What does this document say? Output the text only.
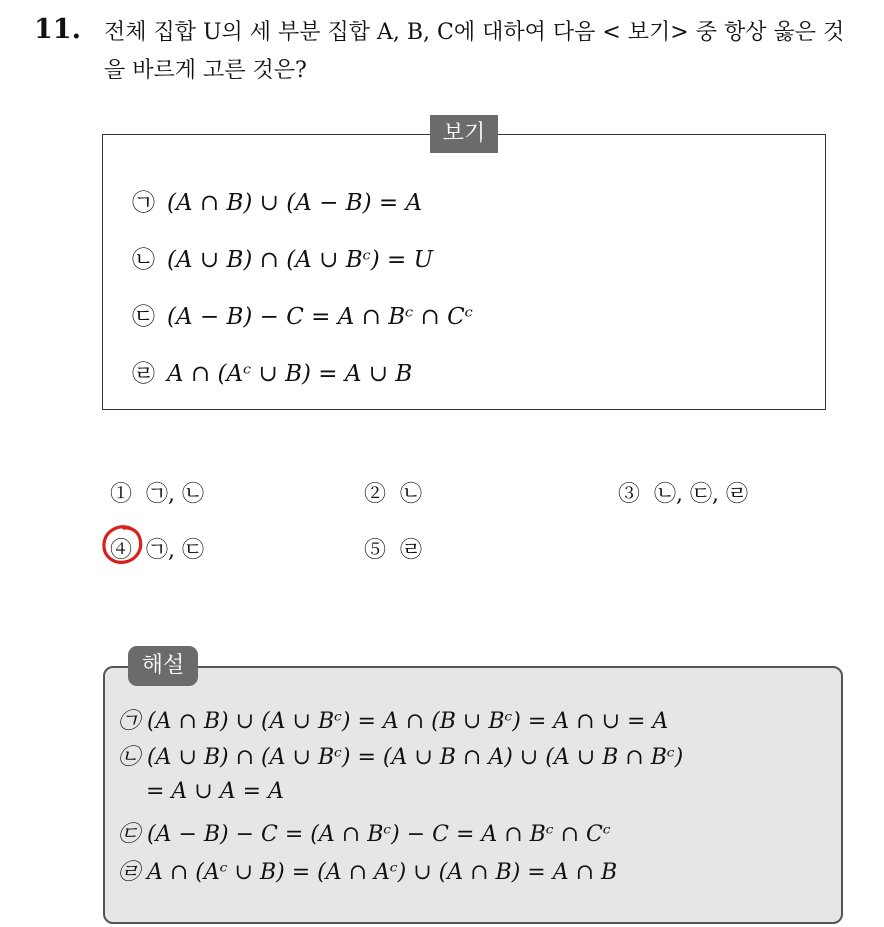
11. 전체 집합 U의 세 부분 집합 A, B, C에 대하여 다음 < 보기> 중 항상 옳은 것을 바르게 고른 것은?
보기
㉠ (A ∩ B) ∪ (A − B) = A
㉡ (A ∪ B) ∩ (A ∪ Bᶜ) = U
㉢ (A − B) − C = A ∩ Bᶜ ∩ Cᶜ
㉣ A ∩ (Aᶜ ∪ B) = A ∪ B
① ㉠, ㉡	② ㉡	③ ㉡, ㉢, ㉣
④ ㉠, ㉢	⑤ ㉣
해설
㉠ (A ∩ B) ∪ (A ∪ Bᶜ) = A ∩ (B ∪ Bᶜ) = A ∩ ∪ = A
㉡ (A ∪ B) ∩ (A ∪ Bᶜ) = (A ∪ B ∩ A) ∪ (A ∪ B ∩ Bᶜ)
= A ∪ A = A
㉢ (A − B) − C = (A ∩ Bᶜ) − C = A ∩ Bᶜ ∩ Cᶜ
㉣ A ∩ (Aᶜ ∪ B) = (A ∩ Aᶜ) ∪ (A ∩ B) = A ∩ B
